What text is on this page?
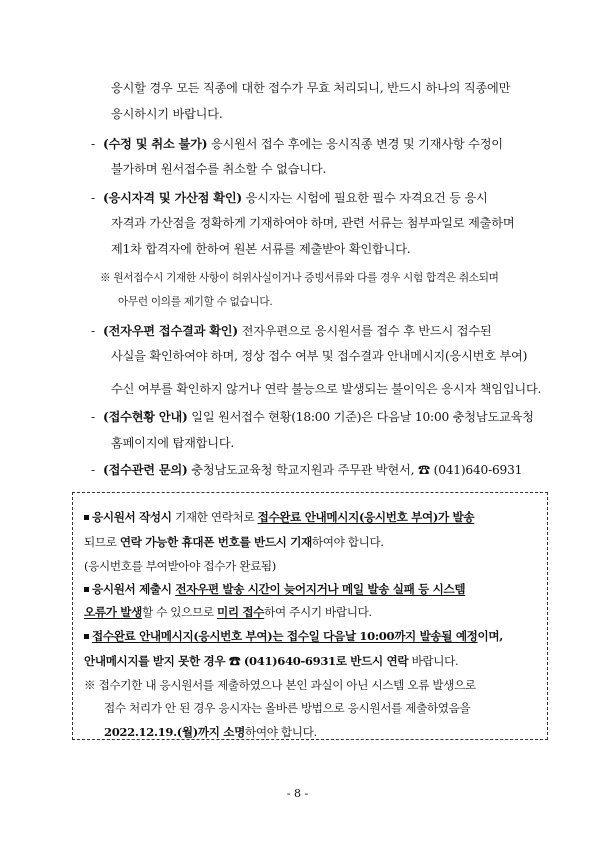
응시할 경우 모든 직종에 대한 접수가 무효 처리되니, 반드시 하나의 직종에만
응시하시기 바랍니다.
- (수정 및 취소 불가) 응시원서 접수 후에는 응시직종 변경 및 기재사항 수정이
불가하며 원서접수를 취소할 수 없습니다.
- (응시자격 및 가산점 확인) 응시자는 시험에 필요한 필수 자격요건 등 응시
자격과 가산점을 정확하게 기재하여야 하며, 관련 서류는 첨부파일로 제출하며
제1차 합격자에 한하여 원본 서류를 제출받아 확인합니다.
※ 원서접수시 기재한 사항이 허위사실이거나 증빙서류와 다를 경우 시험 합격은 취소되며
아무런 이의를 제기할 수 없습니다.
- (전자우편 접수결과 확인) 전자우편으로 응시원서를 접수 후 반드시 접수된
사실을 확인하여야 하며, 정상 접수 여부 및 접수결과 안내메시지(응시번호 부여)
수신 여부를 확인하지 않거나 연락 불능으로 발생되는 불이익은 응시자 책임입니다.
- (접수현황 안내) 일일 원서접수 현황(18:00 기준)은 다음날 10:00 충청남도교육청
홈페이지에 탑재합니다.
- (접수관련 문의) 충청남도교육청 학교지원과 주무관 박현서, ☎ (041)640-6931
응시원서 작성시 기재한 연락처로 접수완료 안내메시지(응시번호 부여)가 발송
되므로 연락 가능한 휴대폰 번호를 반드시 기재하여야 합니다.
(응시번호를 부여받아야 접수가 완료됨)
응시원서 제출시 전자우편 발송 시간이 늦어지거나 메일 발송 실패 등 시스템
오류가 발생할 수 있으므로 미리 접수하여 주시기 바랍니다.
접수완료 안내메시지(응시번호 부여)는 접수일 다음날 10:00까지 발송될 예정이며,
안내메시지를 받지 못한 경우 ☎ (041)640-6931로 반드시 연락 바랍니다.
※ 접수기한 내 응시원서를 제출하였으나 본인 과실이 아닌 시스템 오류 발생으로
접수 처리가 안 된 경우 응시자는 올바른 방법으로 응시원서를 제출하였음을
2022.12.19.(월)까지 소명하여야 합니다.
- 8 -
